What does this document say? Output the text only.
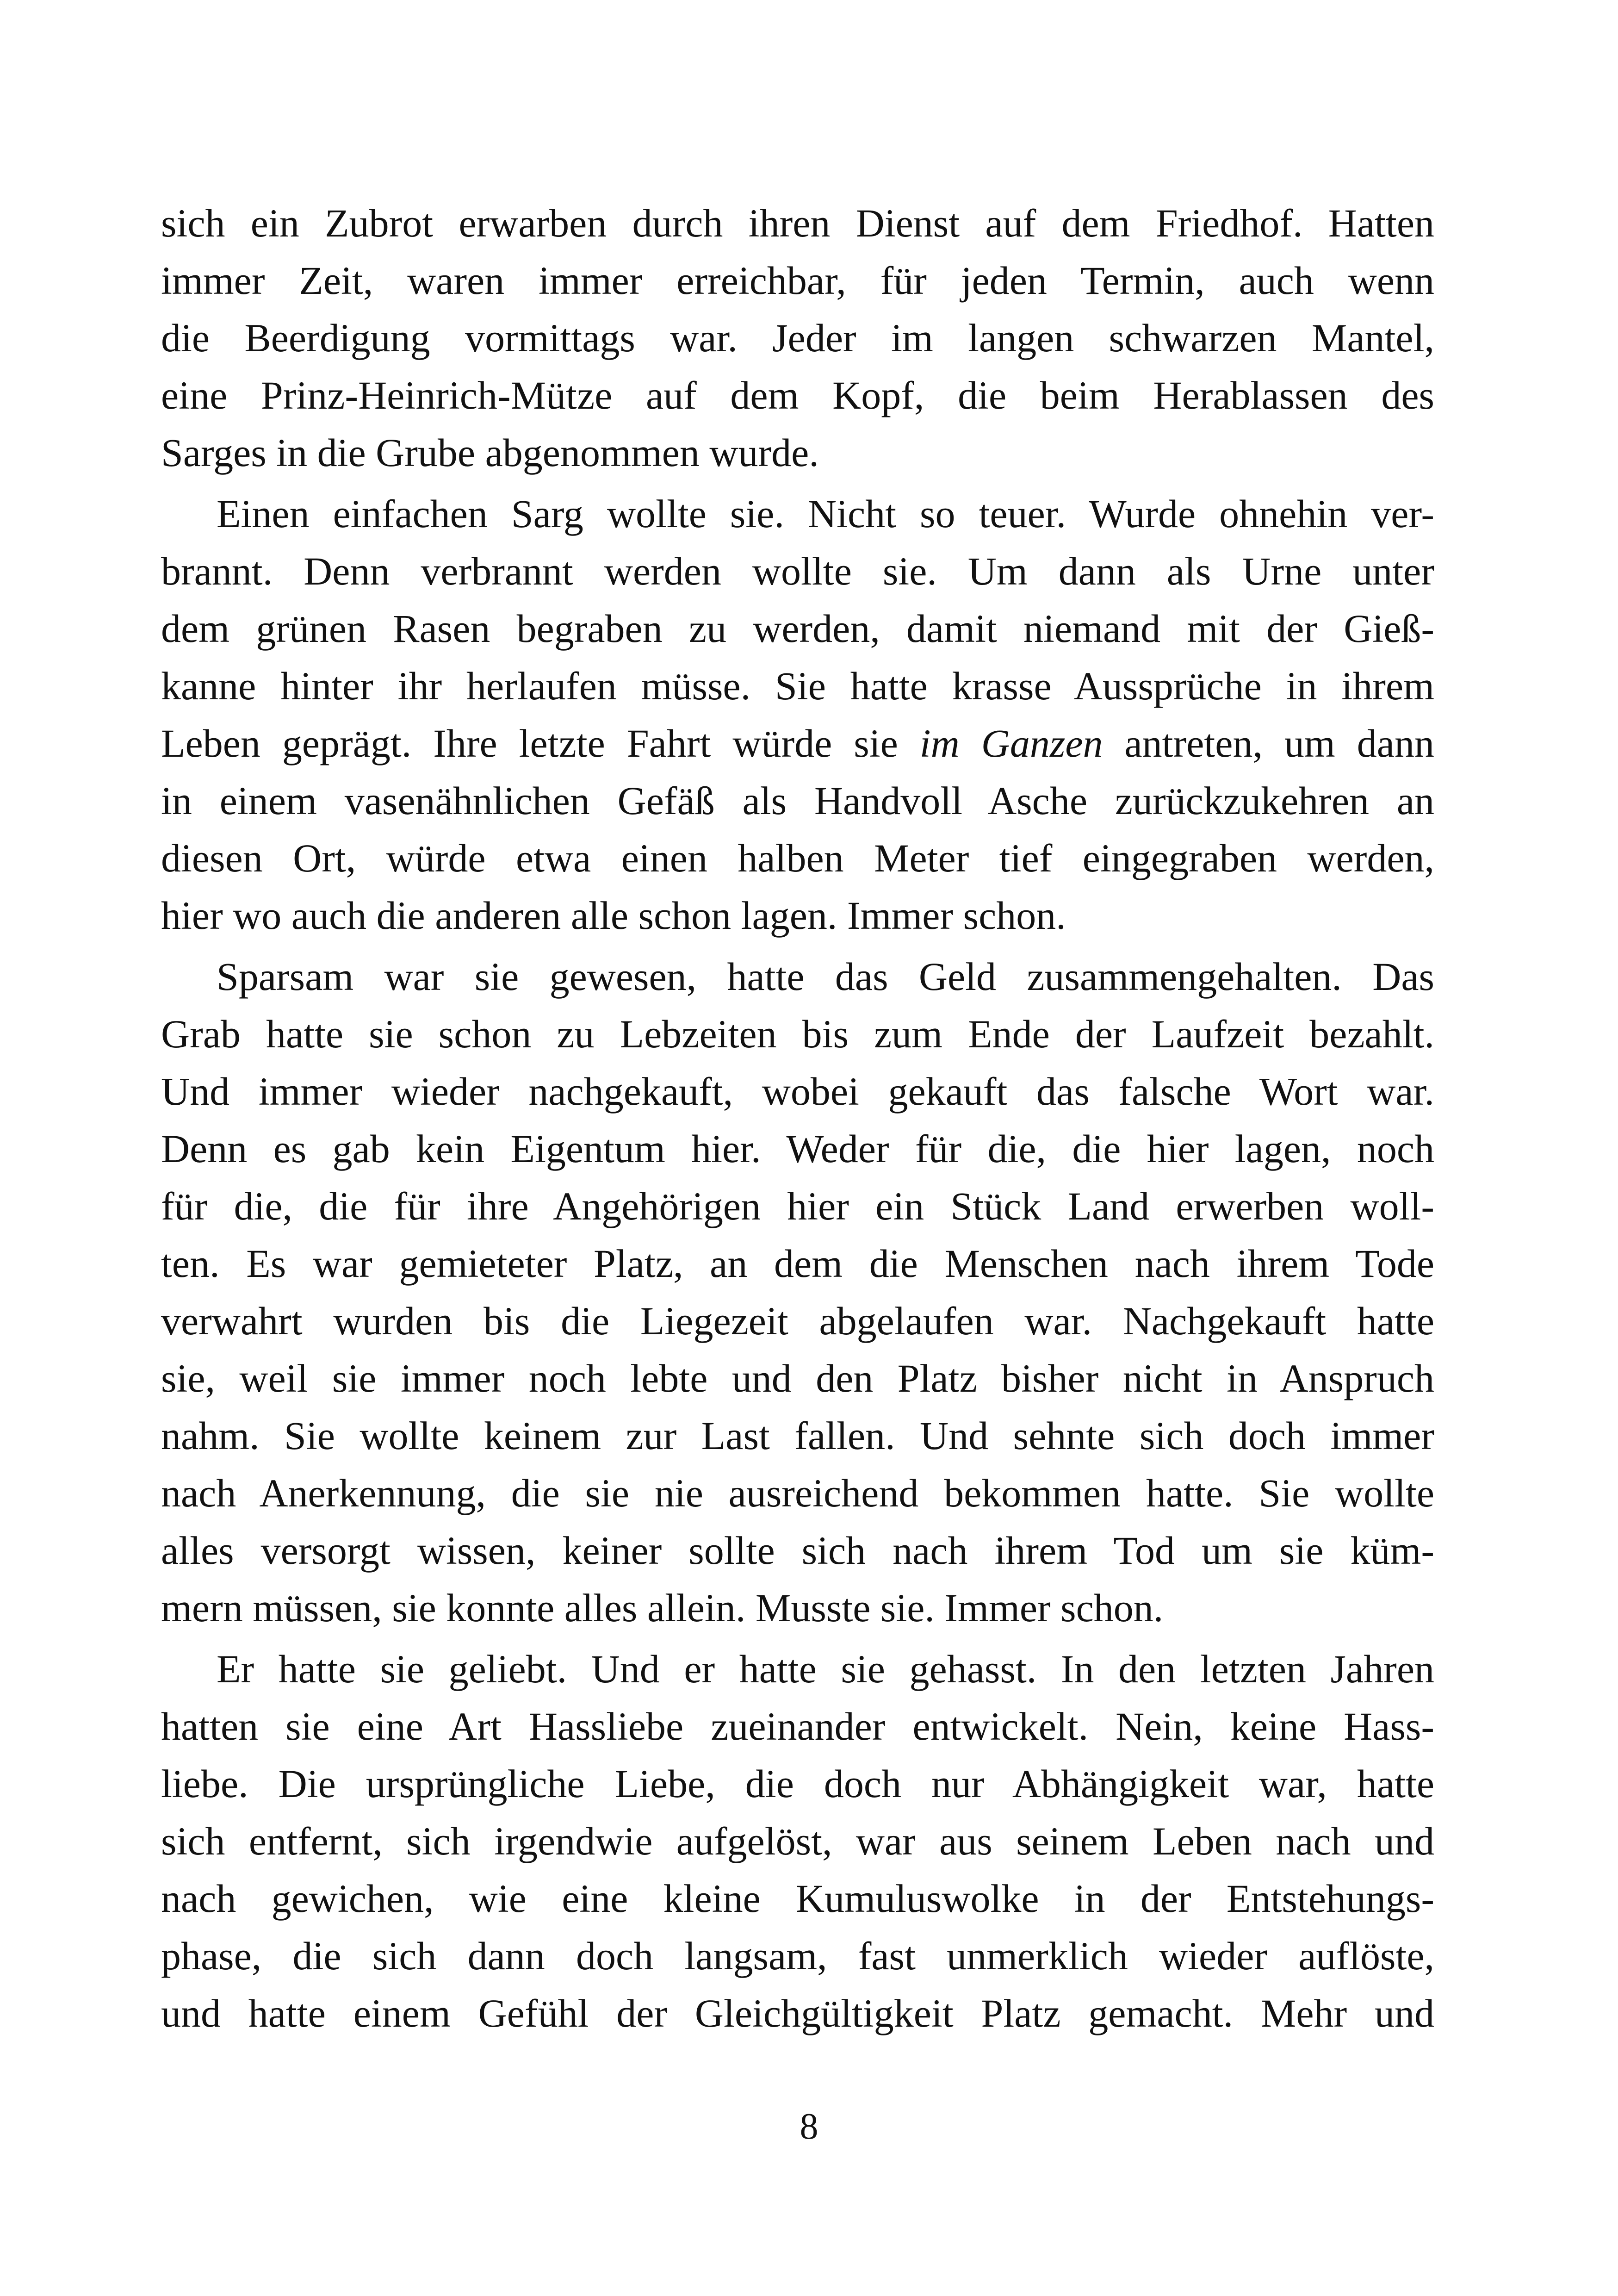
sich ein Zubrot erwarben durch ihren Dienst auf dem Friedhof. Hatten
immer Zeit, waren immer erreichbar, für jeden Termin, auch wenn
die Beerdigung vormittags war. Jeder im langen schwarzen Mantel,
eine Prinz-Heinrich-Mütze auf dem Kopf, die beim Herablassen des
Sarges in die Grube abgenommen wurde.
Einen einfachen Sarg wollte sie. Nicht so teuer. Wurde ohnehin ver-
brannt. Denn verbrannt werden wollte sie. Um dann als Urne unter
dem grünen Rasen begraben zu werden, damit niemand mit der Gieß-
kanne hinter ihr herlaufen müsse. Sie hatte krasse Aussprüche in ihrem
Leben geprägt. Ihre letzte Fahrt würde sie im Ganzen antreten, um dann
in einem vasenähnlichen Gefäß als Handvoll Asche zurückzukehren an
diesen Ort, würde etwa einen halben Meter tief eingegraben werden,
hier wo auch die anderen alle schon lagen. Immer schon.
Sparsam war sie gewesen, hatte das Geld zusammengehalten. Das
Grab hatte sie schon zu Lebzeiten bis zum Ende der Laufzeit bezahlt.
Und immer wieder nachgekauft, wobei gekauft das falsche Wort war.
Denn es gab kein Eigentum hier. Weder für die, die hier lagen, noch
für die, die für ihre Angehörigen hier ein Stück Land erwerben woll-
ten. Es war gemieteter Platz, an dem die Menschen nach ihrem Tode
verwahrt wurden bis die Liegezeit abgelaufen war. Nachgekauft hatte
sie, weil sie immer noch lebte und den Platz bisher nicht in Anspruch
nahm. Sie wollte keinem zur Last fallen. Und sehnte sich doch immer
nach Anerkennung, die sie nie ausreichend bekommen hatte. Sie wollte
alles versorgt wissen, keiner sollte sich nach ihrem Tod um sie küm-
mern müssen, sie konnte alles allein. Musste sie. Immer schon.
Er hatte sie geliebt. Und er hatte sie gehasst. In den letzten Jahren
hatten sie eine Art Hassliebe zueinander entwickelt. Nein, keine Hass-
liebe. Die ursprüngliche Liebe, die doch nur Abhängigkeit war, hatte
sich entfernt, sich irgendwie aufgelöst, war aus seinem Leben nach und
nach gewichen, wie eine kleine Kumuluswolke in der Entstehungs-
phase, die sich dann doch langsam, fast unmerklich wieder auflöste,
und hatte einem Gefühl der Gleichgültigkeit Platz gemacht. Mehr und
8
